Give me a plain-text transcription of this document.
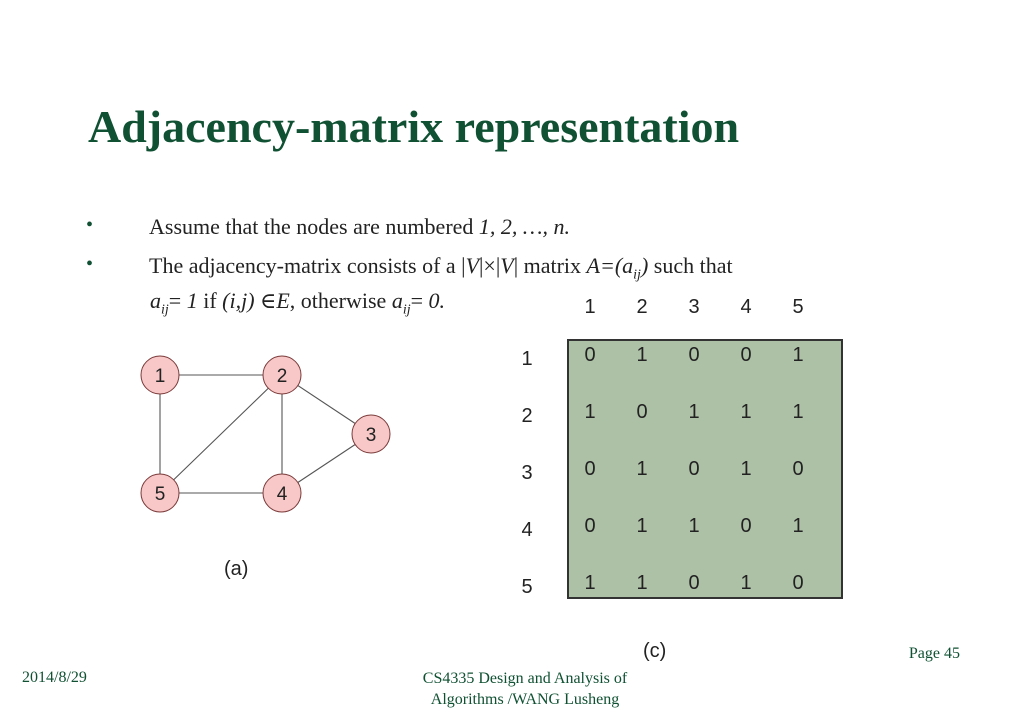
Adjacency-matrix representation
•	Assume that the nodes are numbered 1, 2, …, n.
•	The adjacency-matrix consists of a |V|×|V| matrix $A=(a_{ij})$ such that
$a_{ij}= 1$ if (i,j) ∈E, otherwise $a_{ij}= 0$.
1	2
3
4
5
(a)
1	2	3	4	5
1
2
3
4
5
0	1	0	0	1
1	0	1	1	1
0	1	0	1	0
0	1	1	0	1
1	1	0	1	0
(c)
2014/8/29	CS4335 Design and Analysis of
Algorithms /WANG Lusheng
Page 45
